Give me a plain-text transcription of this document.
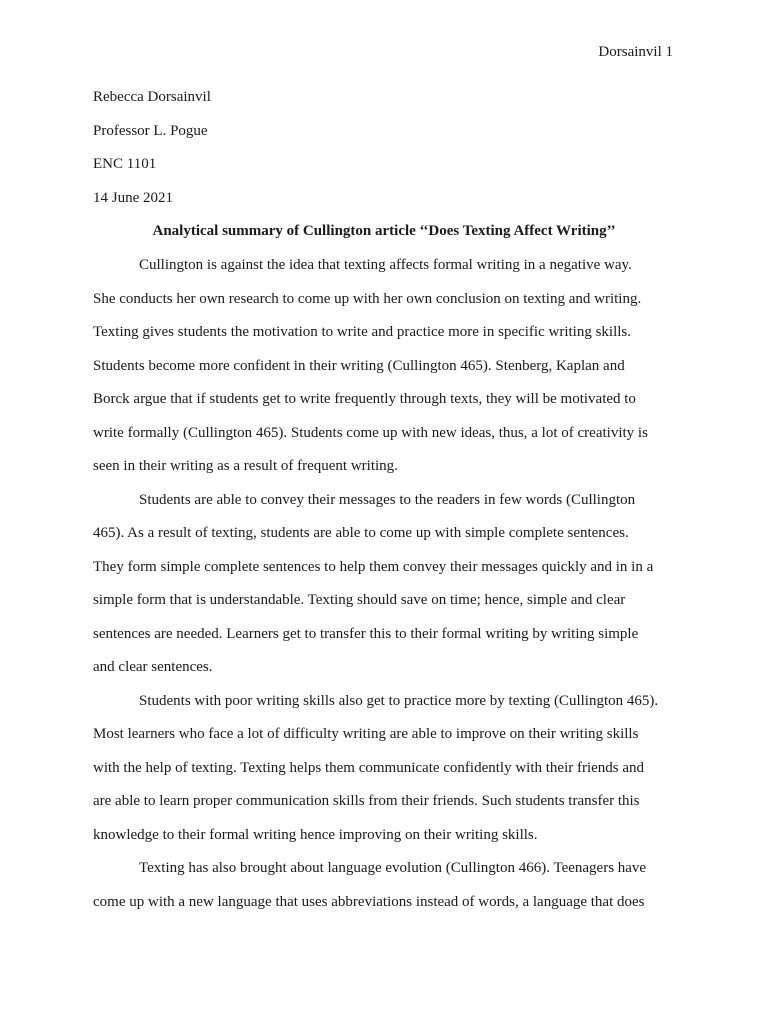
Dorsainvil 1
Rebecca Dorsainvil
Professor L. Pogue
ENC 1101
14 June 2021
Analytical summary of Cullington article ‘‘Does Texting Affect Writing’’
Cullington is against the idea that texting affects formal writing in a negative way.
She conducts her own research to come up with her own conclusion on texting and writing.
Texting gives students the motivation to write and practice more in specific writing skills.
Students become more confident in their writing (Cullington 465). Stenberg, Kaplan and
Borck argue that if students get to write frequently through texts, they will be motivated to
write formally (Cullington 465). Students come up with new ideas, thus, a lot of creativity is
seen in their writing as a result of frequent writing.
Students are able to convey their messages to the readers in few words (Cullington
465). As a result of texting, students are able to come up with simple complete sentences.
They form simple complete sentences to help them convey their messages quickly and in in a
simple form that is understandable. Texting should save on time; hence, simple and clear
sentences are needed. Learners get to transfer this to their formal writing by writing simple
and clear sentences.
Students with poor writing skills also get to practice more by texting (Cullington 465).
Most learners who face a lot of difficulty writing are able to improve on their writing skills
with the help of texting. Texting helps them communicate confidently with their friends and
are able to learn proper communication skills from their friends. Such students transfer this
knowledge to their formal writing hence improving on their writing skills.
Texting has also brought about language evolution (Cullington 466). Teenagers have
come up with a new language that uses abbreviations instead of words, a language that does
